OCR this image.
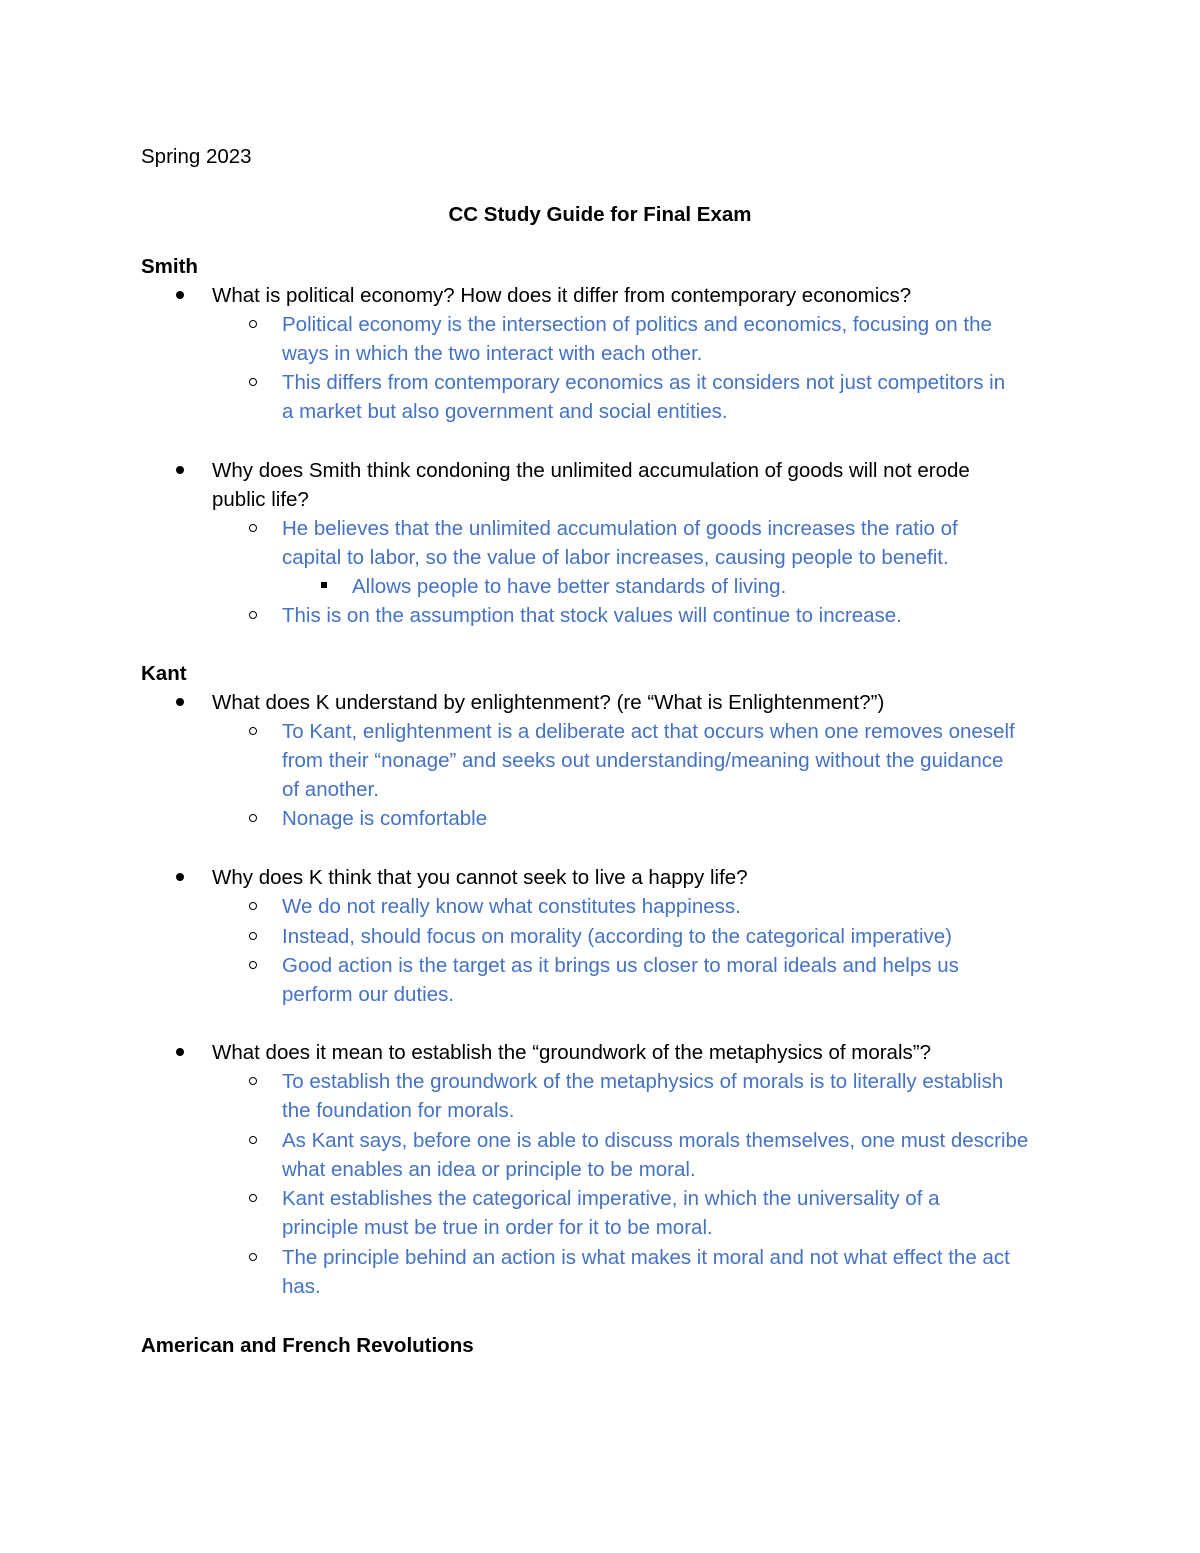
Spring 2023
CC Study Guide for Final Exam
Smith
What is political economy? How does it differ from contemporary economics?
Political economy is the intersection of politics and economics, focusing on the
ways in which the two interact with each other.
This differs from contemporary economics as it considers not just competitors in
a market but also government and social entities.
Why does Smith think condoning the unlimited accumulation of goods will not erode
public life?
He believes that the unlimited accumulation of goods increases the ratio of
capital to labor, so the value of labor increases, causing people to benefit.
Allows people to have better standards of living.
This is on the assumption that stock values will continue to increase.
Kant
What does K understand by enlightenment? (re “What is Enlightenment?”)
To Kant, enlightenment is a deliberate act that occurs when one removes oneself
from their “nonage” and seeks out understanding/meaning without the guidance
of another.
Nonage is comfortable
Why does K think that you cannot seek to live a happy life?
We do not really know what constitutes happiness.
Instead, should focus on morality (according to the categorical imperative)
Good action is the target as it brings us closer to moral ideals and helps us
perform our duties.
What does it mean to establish the “groundwork of the metaphysics of morals”?
To establish the groundwork of the metaphysics of morals is to literally establish
the foundation for morals.
As Kant says, before one is able to discuss morals themselves, one must describe
what enables an idea or principle to be moral.
Kant establishes the categorical imperative, in which the universality of a
principle must be true in order for it to be moral.
The principle behind an action is what makes it moral and not what effect the act
has.
American and French Revolutions
